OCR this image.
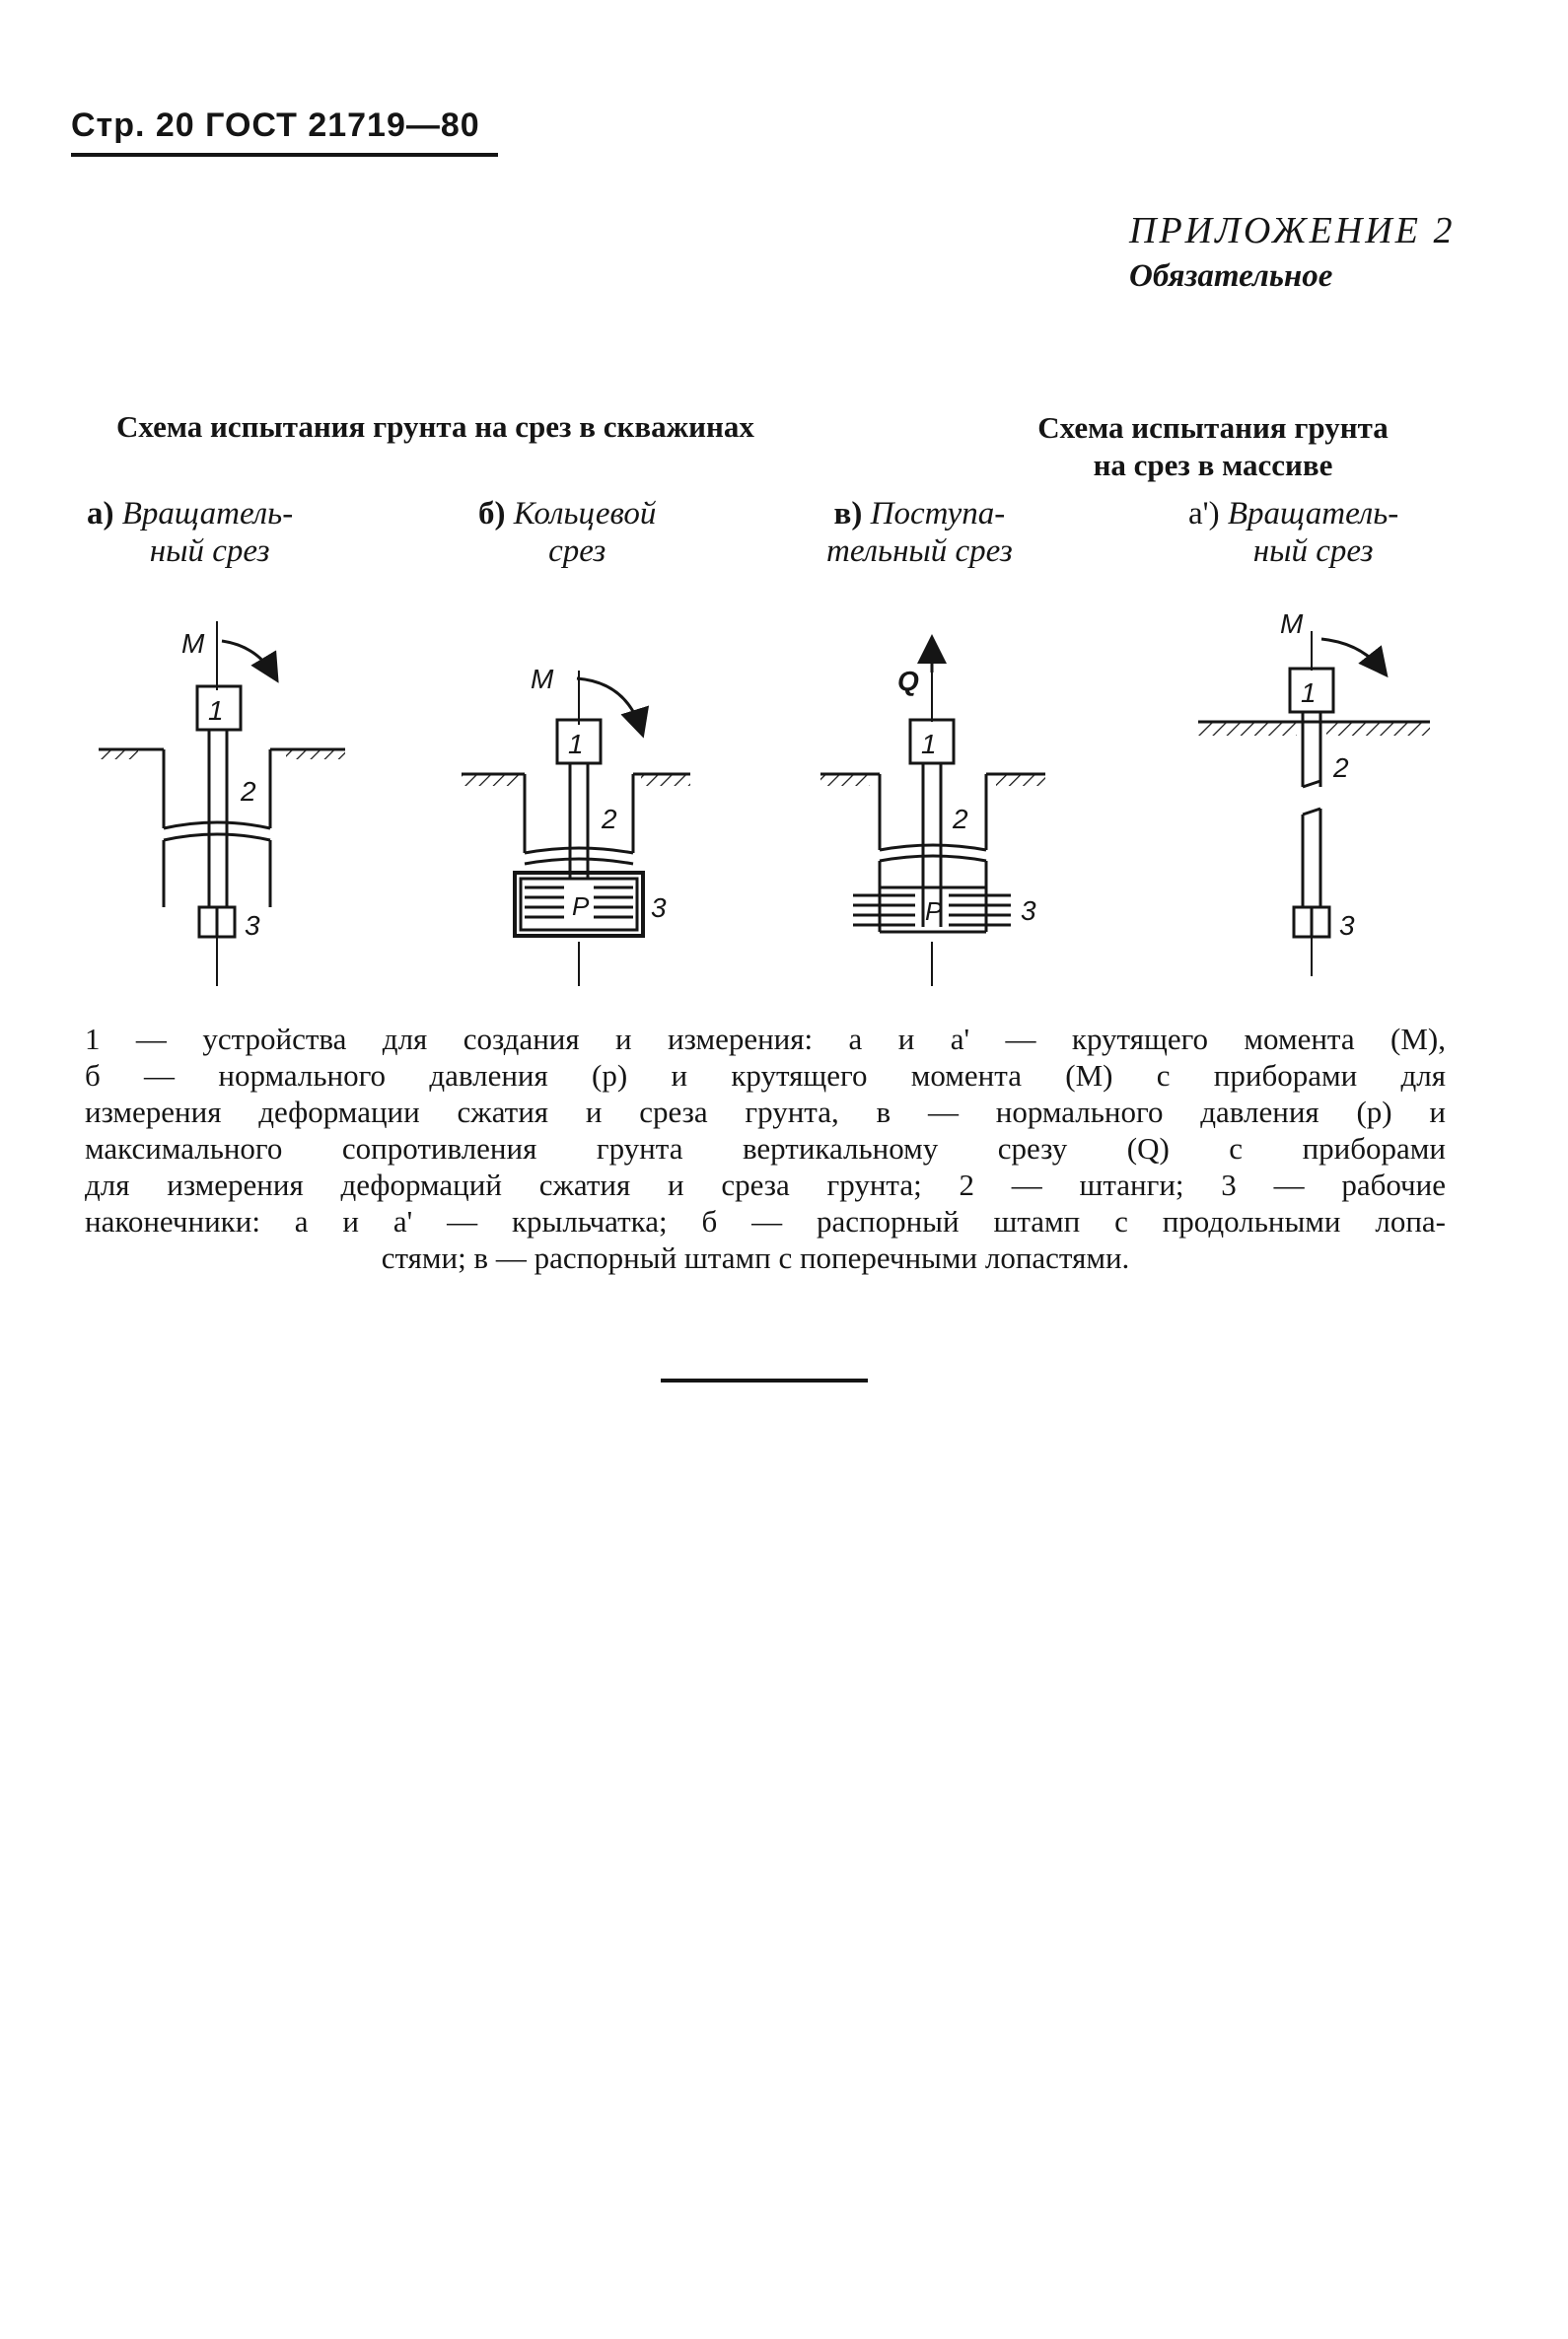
Стр. 20 ГОСТ 21719—80
ПРИЛОЖЕНИЕ 2
Обязательное
Схема испытания грунта на срез в скважинах	Схема испытания грунта
на срез в массиве
а) Вращатель-
ный срез
б) Кольцевой
срез
в) Поступа-
тельный срез
а') Вращатель-
ный срез
М
1
2
3
М
1
2
P 3
Q
1
2
P	3
М
1
2
3
1 — устройства для создания и измерения: а и а' — крутящего момента (М),
б — нормального давления (р) и крутящего момента (М) с приборами для
измерения деформации сжатия и среза грунта, в — нормального давления (р) и
максимального сопротивления грунта вертикальному срезу (Q) с приборами
для измерения деформаций сжатия и среза грунта; 2 — штанги; 3 — рабочие
наконечники: а и а' — крыльчатка; б — распорный штамп с продольными лопа-
стями; в — распорный штамп с поперечными лопастями.
